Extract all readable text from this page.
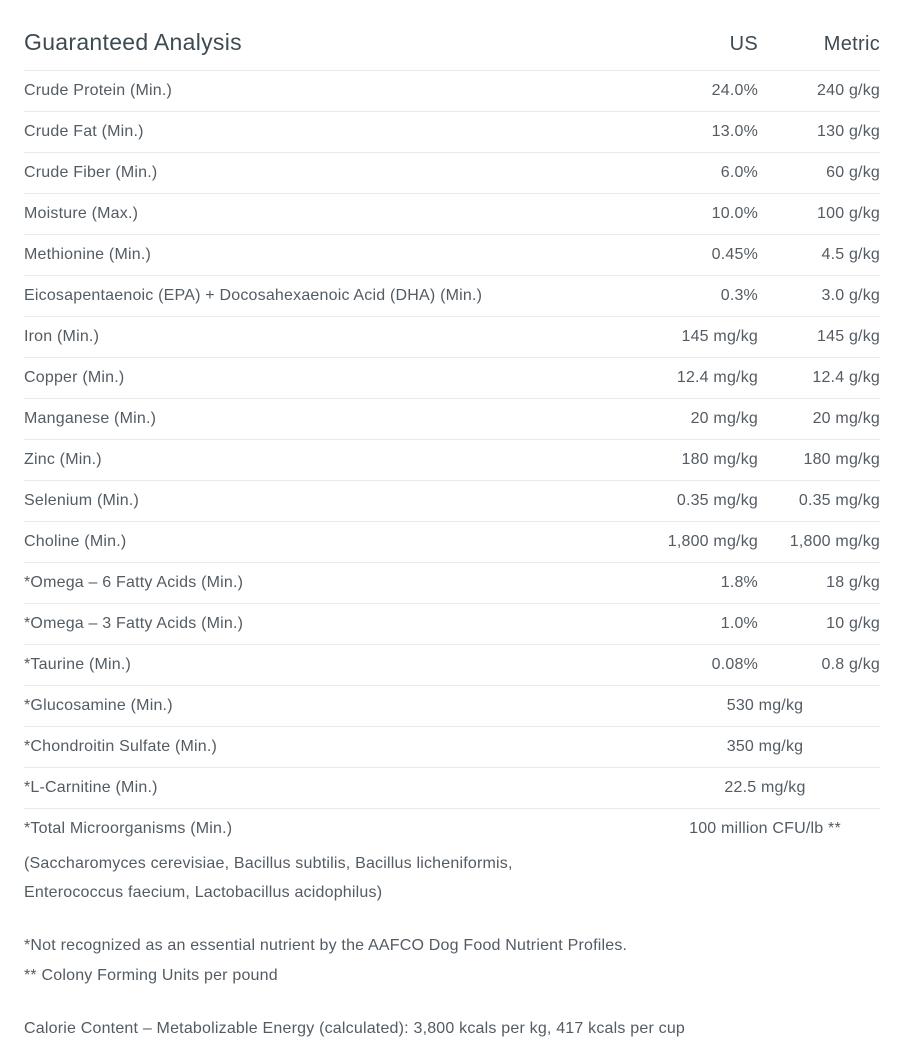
Guaranteed Analysis	US	Metric
Crude Protein (Min.)	24.0%	240 g/kg
Crude Fat (Min.)	13.0%	130 g/kg
Crude Fiber (Min.)	6.0%	60 g/kg
Moisture (Max.)	10.0%	100 g/kg
Methionine (Min.)	0.45%	4.5 g/kg
Eicosapentaenoic (EPA) + Docosahexaenoic Acid (DHA) (Min.)	0.3%	3.0 g/kg
Iron (Min.)	145 mg/kg	145 g/kg
Copper (Min.)	12.4 mg/kg	12.4 g/kg
Manganese (Min.)	20 mg/kg	20 mg/kg
Zinc (Min.)	180 mg/kg	180 mg/kg
Selenium (Min.)	0.35 mg/kg	0.35 mg/kg
Choline (Min.)	1,800 mg/kg	1,800 mg/kg
*Omega – 6 Fatty Acids (Min.)	1.8%	18 g/kg
*Omega – 3 Fatty Acids (Min.)	1.0%	10 g/kg
*Taurine (Min.)	0.08%	0.8 g/kg
*Glucosamine (Min.)	530 mg/kg
*Chondroitin Sulfate (Min.)	350 mg/kg
*L-Carnitine (Min.)	22.5 mg/kg
*Total Microorganisms (Min.)	100 million CFU/lb **
(Saccharomyces cerevisiae, Bacillus subtilis, Bacillus licheniformis,
Enterococcus faecium, Lactobacillus acidophilus)

*Not recognized as an essential nutrient by the AAFCO Dog Food Nutrient Profiles.

** Colony Forming Units per pound

Calorie Content – Metabolizable Energy (calculated): 3,800 kcals per kg, 417 kcals per cup
